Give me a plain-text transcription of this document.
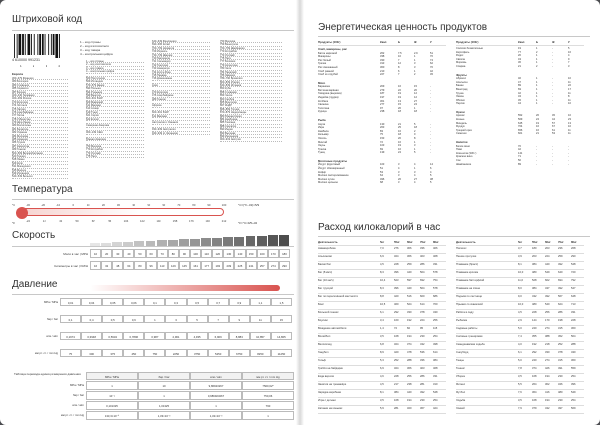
Штриховой код
4 610000 991231
1	2	3	4
1 – код страны
2 – код изготовителя
3 – код товара
4 – контрольная цифра
Европа
300–379 Франция
380 Болгария
383 Словения
385 Хорватия
387 Босния
400–440 Германия
460–469 Россия
470 Киргизия
474 Эстония
475 Латвия
476 Азербайджан
477 Литва
478 Узбекистан
479 Шри-Ланка
480 Филиппины
481 Беларусь
482 Украина
484 Молдова
485 Армения
486 Грузия
487 Казахстан
489 Гонконг
500–509 Великобритания
520 Греция
528 Ливан
529 Кипр
531 Македония
535 Мальта
539 Ирландия
540–549 Бельгия
1 – код страны
2 – код изготовителя
3 – код товара
4 – контрольная цифра
560 Португалия
569 Исландия
570–579 Дания
590 Польша
594 Румыния
599 Венгрия
600–601 ЮАР
609 Маврикий
611 Марокко
613 Алжир
619 Тунис
621 Сирия
622 Египет
Северная Америка
000–139 США
Южная Америка
750 Мексика
770 Колумбия
773 Уругвай
775 Перу
640–649 Финляндия
690–695 Китай
700–709 Норвегия
729 Израиль
730–739 Швеция
740 Гватемала
741 Сальвадор
742 Гондурас
743 Никарагуа
744 Коста-Рика
745 Панама
746 Доминикана
Азия
470 Киргизия
476 Азербайджан
489 Гонконг
Африка
600–601 ЮАР
611 Марокко
Австралия и Океания
930–939 Австралия
940–949 Н. Зеландия
750 Мексика
759 Венесуэла
760–769 Швейцария
770 Колумбия
773 Уругвай
775 Перу
777 Боливия
779 Аргентина
780 Чили
784 Парагвай
786 Эквадор
789–790 Бразилия
800–839 Италия
840–849 Испания
850 Куба
858 Словакия
859 Чехия
860 Сербия
865 Монголия
867 КНДР
868–869 Турция
870–879 Нидерланды
880 Южная Корея
884 Камбоджа
885 Таиланд
888 Сингапур
890 Индия
893 Вьетнам
899 Индонезия
900–919 Австрия
Температура
°C
°F
°C=(°F−32)×5/9
°F=°C×9/5+32
-30	-20	-10	0	10	20	30	40	50	60	70	80	90	100
-22	14	32	50	68	86	104	122	140	158	176	194	212
Скорость
Мили в час | MPH
Километры в час | KM/H
10	20	30	40	50	60	70	80	90	100	110	120	130	140	150	160	170	180
16	32	48	64	80	96	113	129	145	161	177	193	209	225	241	257	274	290
Давление
MPa / МПа	0,01	0,04	0,05	0,06	0,1	0,3	0,5	0,7	0,9	1,1	1,5
бар / bar	0,1	0,4	0,5	0,6	1	3	5	7	9	11	15
атм / atm	0,1974	0,3948	0,5934	0,7896	0,987	2,961	4,935	6,909	8,883	10,857	14,805
мм рт. ст. / mm Hg	75	300	375	450	750	2250	3750	5250	6750	8250	11250
Таблица перевода единиц измерения давления
MPa / МПа	бар / bar	атм / atm	мм рт. ст. / mm Hg
MPa / МПа	1	10	9,86923267	7500,62*
бар / bar	10⁻¹	1	0,986923267	750,06
атм / atm	0,101325	1,01325	1	760
мм рт. ст. / mm Hg	133,3×10⁻⁶	1,33×10⁻³	1,32×10⁻³	1
Энергетическая ценность продуктов
Продукты (100г)	Ккал	Б	Ж	У
Хлеб, макароны, рис
Батон нарезной	262	7.5	2.9	51
Макароны	338	10	1	70
Рис белый	330	7	1	74
Гречка	313	12	3	62
Рис смешанный	360	8	3	70
Хлеб ржаной	210	6	1	42
Хлеб из отрубей	227	7	2	45
Мясо
Баранина	209	16	15	-
Ветчина варёная	279	22	20	-
Говядина (вырезка)	187	19	12	-
Индейка (грудка)	197	19	12	-
Колбаса	301	13	27	-
Свинина	277	15	24	-
Телятина	97	20	1	-
Курица	238	18	18	-
Рыба
Акула	130	21	5	-
Икра	263	25	18	-
Камбала	83	16	2	-
Кальмар	75	18	0	-
Лосось	153	20	8	-
Минтай	72	16	1	-
Окунь	103	19	3	-
Треска	69	16	1	-
Тунец	139	24	5	-
Молочные продукты
Йогурт фруктовый	103	3	4	14
Йогурт обезжиренный	51	4	1	6
Кефир	53	3	3	4
Молоко пастеризованное	64	3	4	5
Молоко сухое	496	26	27	38
Молоко цельное	68	3	4	5
Продукты (100г)	Ккал	Б	Ж	У
Сосиски безмолочные	19	1	-	5
Картофель	77	2	-	16
Редис	20	1	-	4
Свёкла	43	1	-	9
Морковь	36	1	-	7
Спаржа	21	2	-	3
Фрукты
Абрикос	46	1	-	10
Апельсин	47	1	-	11
Банан	89	1	-	22
Виноград	69	1	-	17
Груша	42	1	-	11
Лимон	34	1	-	8
Яблоко	45	1	-	11
Персик	44	1	-	10
Орехи
Арахис	552	26	45	10
Кешью	569	24	44	23
Миндаль	645	19	57	13
Фундук	704	16	67	10
Грецкий орех	656	16	61	11
Семечки	601	21	53	11
Напитки
Белое вино	70	-	-	-
Пиво	42	-	-	-
Кока-кола (330 г)	141	-	-	-
Красное вино	71	-	-	-
Сок	50	-	-	-
Шампанское	89	-	-	-
Расход килокалорий в час
Деятельность	5кг	55кг	60кг	70кг	80кг
Аквааэробика	7,0	276	306	336	406
Альпинизм	6,9	324	366	403	468
Баскетбол	4,5	228	259	286	331
Бег (8 км/ч)	8,3	396	440	504	578
Бег (10 км/ч)	10,4	523	597	692	754
Бег трусцой	8,3	396	440	504	578
Бег по пересечённой местности	8,8	420	516	600	686
Бокс	10,5	460	524	614	700
Большой теннис	6,1	292	330	378	430
Боулинг	3,4	160	192	224	256
Вождение автомобиля	1,4	72	82	95	115
Волейбол	3,5	168	194	230	254
Велосипед	6,8	324	374	432	498
Гандбол	8,9	420	478	536	614
Гольф	5,3	252	288	336	384
Гребля на байдарке	6,9	324	366	403	468
Езда верхом	4,6	228	256	286	331
Занятия на тренажёре	4,5	217	238	281	310
Зарядка аэробная	8,1	384	440	492	548
Игра с детьми	3,5	168	194	230	254
Катание на коньках	5,9	281	320	367	424
Деятельность	5кг	55кг	60кг	70кг	80кг
Пилатес	3,7	180	203	236	268
Пешие прогулки	3,9	203	224	259	290
Плавание (брасс)	8,1	384	440	492	548
Плавание кролем	10,0	480	549	640	720
Плавание баттерфляй	11,0	528	602	694	792
Плавание на спине	8,0	384	437	492	547
Подъём по лестнице	9,0	432	492	567	648
Прыжки со скакалкой	10,0	480	540	624	713
Работа в саду	4,5	228	256	286	331
Рыбалка	2,9	144	170	198	228
Садовые работы	5,0	240	274	315	360
Силовые тренировки	7,4	355	388	452	504
Скандинавская ходьба	4,0	192	218	252	288
Сноуборд	6,1	292	330	378	430
Танцы	5,0	240	274	315	360
Теннис	7,8	374	426	491	559
Уборка	3,5	168	194	230	254
Фитнес	5,5	264	302	346	396
Футбол	7,6	364	416	480	549
Ходьба	3,5	168	194	230	254
Хоккей	7,9	379	432	497	569
